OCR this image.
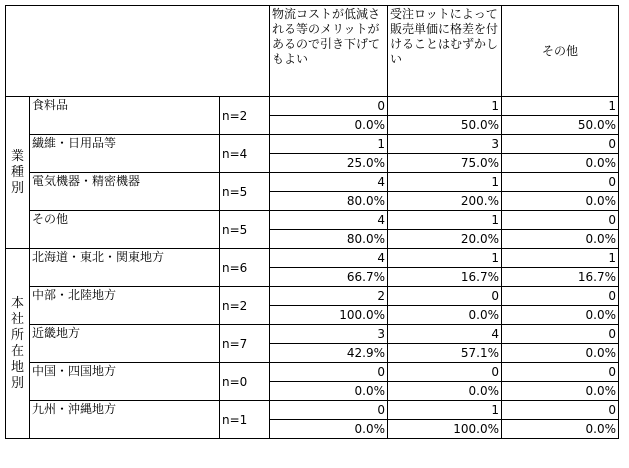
			物流コストが低減される等のメリットがあるので引き下げてもよい	受注ロットによって販売単価に格差を付けることはむずかしい	その他
業種別	食料品	n=2	0	1	1
			0.0%	50.0%	50.0%
	繊維・日用品等	n=4	1	3	0
			25.0%	75.0%	0.0%
	電気機器・精密機器	n=5	4	1	0
			80.0%	200.%	0.0%
	その他	n=5	4	1	0
			80.0%	20.0%	0.0%
本社所在地別	北海道・東北・関東地方	n=6	4	1	1
			66.7%	16.7%	16.7%
	中部・北陸地方	n=2	2	0	0
			100.0%	0.0%	0.0%
	近畿地方	n=7	3	4	0
			42.9%	57.1%	0.0%
	中国・四国地方	n=0	0	0	0
			0.0%	0.0%	0.0%
	九州・沖縄地方	n=1	0	1	0
			0.0%	100.0%	0.0%
